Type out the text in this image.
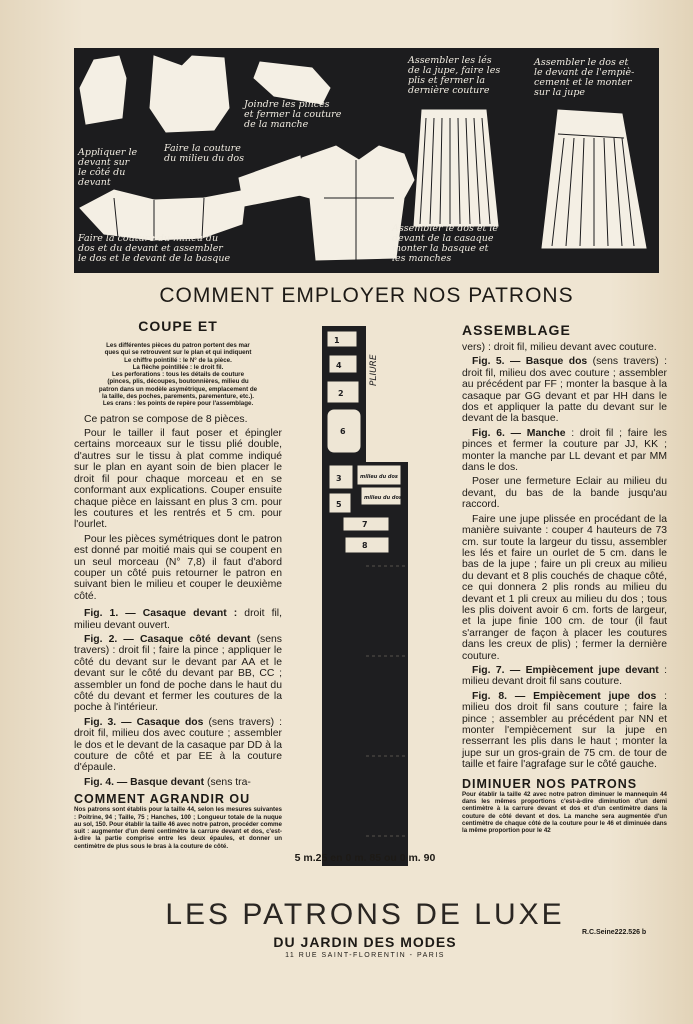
Joindre les pinces
et fermer la couture
de la manche
Assembler les lés
de la jupe, faire les
plis et fermer la
dernière couture
Assembler le dos et
le devant de l'empiè-
cement et le monter
sur la jupe
Appliquer le
devant sur
le côté du
devant
Faire la couture
du milieu du dos
Faire la couture du milieu du
dos et du devant et assembler
le dos et le devant de la basque
Assembler le dos et le
devant de la casaque
monter la basque et
les manches
COMMENT EMPLOYER NOS PATRONS
COUPE ET
Les différentes pièces du patron portent des mar
ques qui se retrouvent sur le plan et qui indiquent
Le chiffre pointillé : le N° de la pièce.
La flèche pointillée : le droit fil.
Les perforations : tous les détails de couture
(pinces, plis, découpes, boutonnières, milieu du
patron dans un modèle asymétrique, emplacement de
la taille, des poches, parements, parementure, etc.).
Les crans : les points de repère pour l'assemblage.

Ce patron se compose de 8 pièces.

Pour le tailler il faut poser et épingler certains morceaux sur le tissu plié double, d'autres sur le tissu à plat comme indiqué sur le plan en ayant soin de bien placer le droit fil pour chaque morceau et en se conformant aux explications. Couper ensuite chaque pièce en laissant en plus 3 cm. pour les coutures et les rentrés et 5 cm. pour l'ourlet.

Pour les pièces symétriques dont le patron est donné par moitié mais qui se coupent en un seul morceau (N° 7,8) il faut d'abord couper un côté puis retourner le patron en suivant bien le milieu et couper le deuxième côté.

Fig. 1. — Casaque devant : droit fil, milieu devant ouvert.

Fig. 2. — Casaque côté devant (sens travers) : droit fil ; faire la pince ; appliquer le côté du devant sur le devant par AA et le devant sur le côté du devant par BB, CC ; assembler un fond de poche dans le haut du côté du devant et fermer les coutures de la poche à l'intérieur.

Fig. 3. — Casaque dos (sens travers) : droit fil, milieu dos avec couture ; assembler le dos et le devant de la casaque par DD à la couture de côté et par EE à la couture d'épaule.

Fig. 4. — Basque devant (sens tra-

COMMENT AGRANDIR OU
Nos patrons sont établis pour la taille 44, selon les mesures suivantes : Poitrine, 94 ; Taille, 75 ; Hanches, 100 ; Longueur totale de la nuque au sol, 150. Pour établir la taille 46 avec notre patron, procéder comme suit : augmenter d'un demi centimètre la carrure devant et dos, c'est-à-dire la partie comprise entre les deux épaules, et donner un centimètre de plus sous le bras à la couture de côté.
1
4
2
6
3
5
milieu du dos
milieu du dos
7
8
PLIURE
5 m.25 en 0 m. 85 ou 0 m. 90
ASSEMBLAGE

vers) : droit fil, milieu devant avec couture.

Fig. 5. — Basque dos (sens travers) : droit fil, milieu dos avec couture ; assembler au précédent par FF ; monter la basque à la casaque par GG devant et par HH dans le dos et appliquer la patte du devant sur le devant de la basque.

Fig. 6. — Manche : droit fil ; faire les pinces et fermer la couture par JJ, KK ; monter la manche par LL devant et par MM dans le dos.

Poser une fermeture Eclair au milieu du devant, du bas de la bande jusqu'au raccord.

Faire une jupe plissée en procédant de la manière suivante : couper 4 hauteurs de 73 cm. sur toute la largeur du tissu, assembler les lés et faire un ourlet de 5 cm. dans le bas de la jupe ; faire un pli creux au milieu du devant et 8 plis couchés de chaque côté, ce qui donnera 2 plis ronds au milieu du devant et 1 pli creux au milieu du dos ; tous les plis doivent avoir 6 cm. forts de largeur, et la jupe finie 100 cm. de tour (il faut s'arranger de façon à placer les coutures dans les creux de plis) ; fermer la dernière couture.

Fig. 7. — Empiècement jupe devant : milieu devant droit fil sans couture.

Fig. 8. — Empiècement jupe dos : milieu dos droit fil sans couture ; faire la pince ; assembler au précédent par NN et monter l'empiècement sur la jupe en resserrant les plis dans le haut ; monter la jupe sur un gros-grain de 75 cm. de tour de taille et faire l'agrafage sur le côté gauche.

DIMINUER NOS PATRONS
Pour établir la taille 42 avec notre patron diminuer le mannequin 44 dans les mêmes proportions c'est-à-dire diminution d'un demi centimètre à la carrure devant et dos et d'un centimètre dans la couture de côté devant et dos. La manche sera augmentée d'un centimètre de chaque côté de la couture pour le 46 et diminuée dans la même proportion pour le 42
LES PATRONS DE LUXE
DU JARDIN DES MODES
11 RUE SAINT-FLORENTIN - PARIS
R.C.Seine222.526 b
